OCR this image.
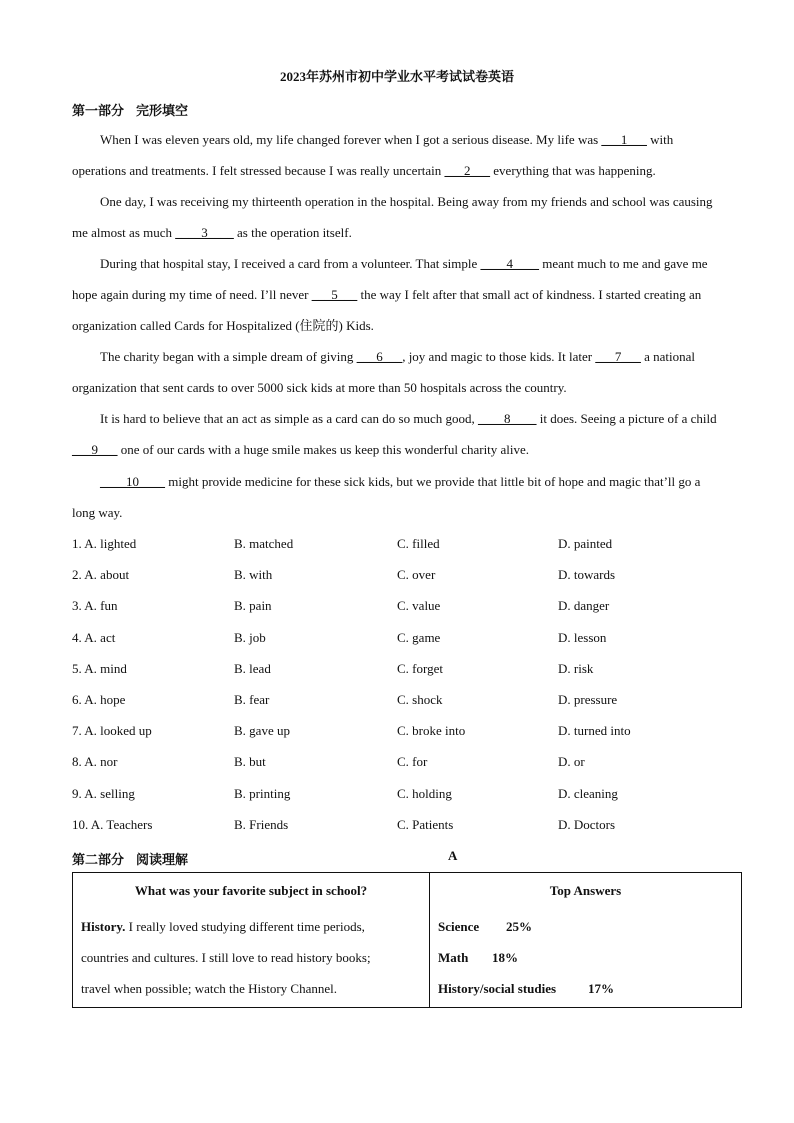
2023年苏州市初中学业水平考试试卷英语
第一部分 完形填空

When I was eleven years old, my life changed forever when I got a serious disease. My life was ___1___ with operations and treatments. I felt stressed because I was really uncertain ___2___ everything that was happening.

One day, I was receiving my thirteenth operation in the hospital. Being away from my friends and school was causing me almost as much ____3____ as the operation itself.

During that hospital stay, I received a card from a volunteer. That simple ____4____ meant much to me and gave me hope again during my time of need. I’ll never ___5___ the way I felt after that small act of kindness. I started creating an organization called Cards for Hospitalized (住院的) Kids.

The charity began with a simple dream of giving ___6___, joy and magic to those kids. It later ___7___ a national organization that sent cards to over 5000 sick kids at more than 50 hospitals across the country.

It is hard to believe that an act as simple as a card can do so much good, ____8____ it does. Seeing a picture of a child ___9___ one of our cards with a huge smile makes us keep this wonderful charity alive.

____10____ might provide medicine for these sick kids, but we provide that little bit of hope and magic that’ll go a long way.

1. A. lighted	B. matched	C. filled	D. painted
2. A. about	B. with	C. over	D. towards
3. A. fun	B. pain	C. value	D. danger
4. A. act	B. job	C. game	D. lesson
5. A. mind	B. lead	C. forget	D. risk
6. A. hope	B. fear	C. shock	D. pressure
7. A. looked up	B. gave up	C. broke into	D. turned into
8. A. nor	B. but	C. for	D. or
9. A. selling	B. printing	C. holding	D. cleaning
10. A. Teachers	B. Friends	C. Patients	D. Doctors
第二部分 阅读理解	A
What was your favorite subject in school?
History. I really loved studying different time periods,
countries and cultures. I still love to read history books;
travel when possible; watch the History Channel.

Top Answers
Science 25%
Math 18%
History/social studies 17%
